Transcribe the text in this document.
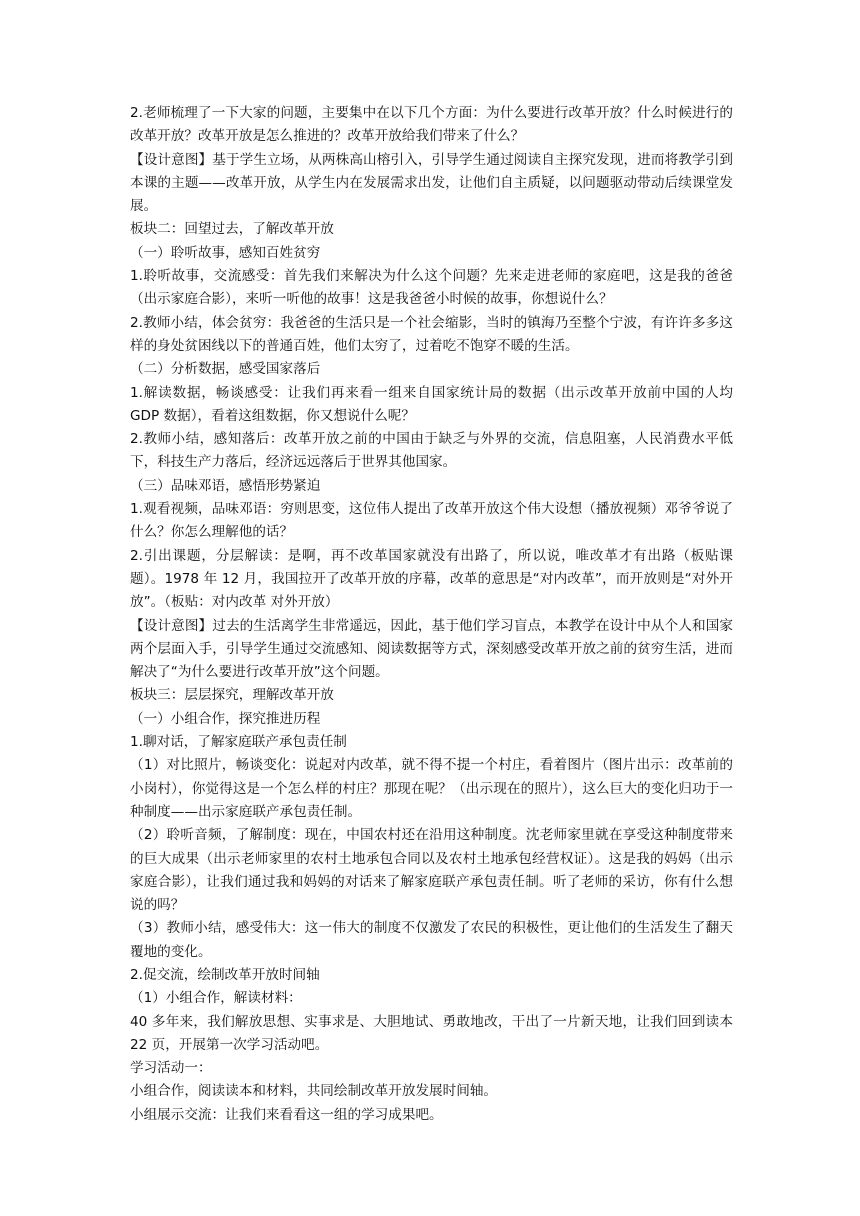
2.老师梳理了一下大家的问题，主要集中在以下几个方面：为什么要进行改革开放？什么时候进行的改革开放？改革开放是怎么推进的？改革开放给我们带来了什么？

【设计意图】基于学生立场，从两株高山榕引入，引导学生通过阅读自主探究发现，进而将教学引到本课的主题——改革开放，从学生内在发展需求出发，让他们自主质疑，以问题驱动带动后续课堂发展。

板块二：回望过去，了解改革开放

（一）聆听故事，感知百姓贫穷

1.聆听故事，交流感受：首先我们来解决为什么这个问题？先来走进老师的家庭吧，这是我的爸爸（出示家庭合影），来听一听他的故事！这是我爸爸小时候的故事，你想说什么？

2.教师小结，体会贫穷：我爸爸的生活只是一个社会缩影，当时的镇海乃至整个宁波，有许许多多这样的身处贫困线以下的普通百姓，他们太穷了，过着吃不饱穿不暖的生活。

（二）分析数据，感受国家落后

1.解读数据，畅谈感受：让我们再来看一组来自国家统计局的数据（出示改革开放前中国的人均 GDP 数据），看着这组数据，你又想说什么呢？

2.教师小结，感知落后：改革开放之前的中国由于缺乏与外界的交流，信息阻塞，人民消费水平低下，科技生产力落后，经济远远落后于世界其他国家。

（三）品味邓语，感悟形势紧迫

1.观看视频，品味邓语：穷则思变，这位伟人提出了改革开放这个伟大设想（播放视频）邓爷爷说了什么？你怎么理解他的话？

2.引出课题，分层解读：是啊，再不改革国家就没有出路了，所以说，唯改革才有出路（板贴课题）。1978 年 12 月，我国拉开了改革开放的序幕，改革的意思是“对内改革”，而开放则是“对外开放”。（板贴：对内改革 对外开放）

【设计意图】过去的生活离学生非常遥远，因此，基于他们学习盲点，本教学在设计中从个人和国家两个层面入手，引导学生通过交流感知、阅读数据等方式，深刻感受改革开放之前的贫穷生活，进而解决了“为什么要进行改革开放”这个问题。

板块三：层层探究，理解改革开放

（一）小组合作，探究推进历程

1.聊对话，了解家庭联产承包责任制

（1）对比照片，畅谈变化：说起对内改革，就不得不提一个村庄，看着图片（图片出示：改革前的小岗村），你觉得这是一个怎么样的村庄？那现在呢？（出示现在的照片），这么巨大的变化归功于一种制度——出示家庭联产承包责任制。

（2）聆听音频，了解制度：现在，中国农村还在沿用这种制度。沈老师家里就在享受这种制度带来的巨大成果（出示老师家里的农村土地承包合同以及农村土地承包经营权证）。这是我的妈妈（出示家庭合影），让我们通过我和妈妈的对话来了解家庭联产承包责任制。听了老师的采访，你有什么想说的吗？

（3）教师小结，感受伟大：这一伟大的制度不仅激发了农民的积极性，更让他们的生活发生了翻天覆地的变化。

2.促交流，绘制改革开放时间轴

（1）小组合作，解读材料：

40 多年来，我们解放思想、实事求是、大胆地试、勇敢地改，干出了一片新天地，让我们回到读本 22 页，开展第一次学习活动吧。

学习活动一：

小组合作，阅读读本和材料，共同绘制改革开放发展时间轴。

小组展示交流：让我们来看看这一组的学习成果吧。
